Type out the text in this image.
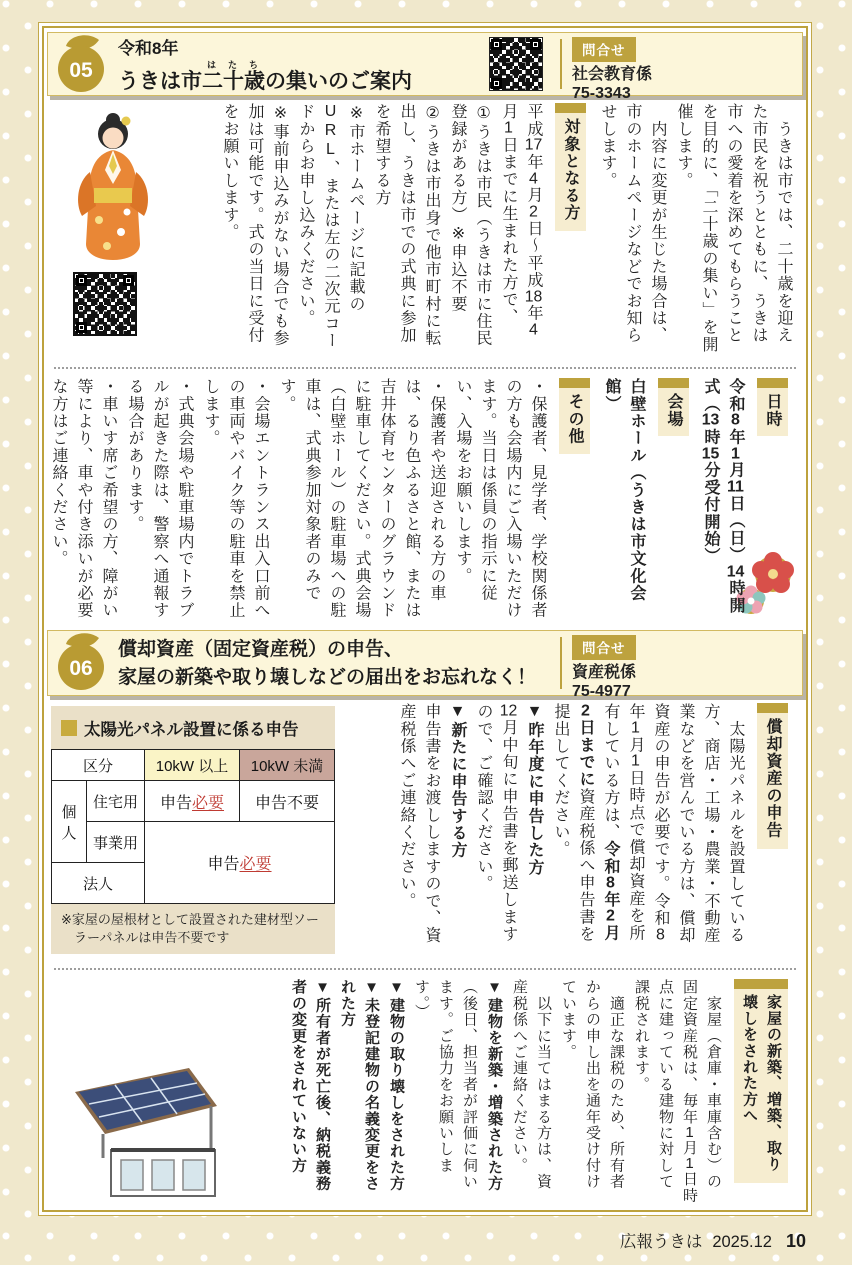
05
令和8年
うきは市二十歳はたちの集いのご案内
問合せ
社会教育係
75-3343

　うきは市では、二十歳を迎えた市民を祝うとともに、うきは市への愛着を深めてもらうことを目的に、「二十歳の集い」を開催します。

　内容に変更が生じた場合は、市のホームページなどでお知らせします。

対象となる方

平成17年4月2日～平成18年4月1日までに生まれた方で、

①うきは市民（うきは市に住民登録がある方）※申込不要

②うきは市出身で他市町村に転出し、うきは市での式典に参加を希望する方

※市ホームページに記載のURL、または左の二次元コードからお申し込みください。

※事前申込みがない場合でも参加は可能です。式の当日に受付をお願いします。

日時

令和8年1月11日（日）14時開式（13時15分受付開始）

会場

白壁ホール（うきは市文化会館）

その他

・保護者、見学者、学校関係者の方も会場内にご入場いただけます。当日は係員の指示に従い、入場をお願いします。

・保護者や送迎される方の車は、るり色ふるさと館、または吉井体育センターのグラウンドに駐車してください。式典会場（白壁ホール）の駐車場への駐車は、式典参加対象者のみです。

・会場エントランス出入口前への車両やバイク等の駐車を禁止します。

・式典会場や駐車場内でトラブルが起きた際は、警察へ通報する場合があります。

・車いす席ご希望の方、障がい等により、車や付き添いが必要な方はご連絡ください。

06
償却資産（固定資産税）の申告、
家屋の新築や取り壊しなどの届出をお忘れなく！
問合せ
資産税係
75-4977
太陽光パネル設置に係る申告
区分		10kW 以上	10kW 未満
個人	住宅用	申告必要	申告不要
	事業用	申告必要	
法人			

※家屋の屋根材として設置された建材型ソーラーパネルは申告不要です

償却資産の申告

　太陽光パネルを設置している方、商店・工場・農業・不動産業などを営んでいる方は、償却資産の申告が必要です。令和8年1月1日時点で償却資産を所有している方は、令和8年2月2日までに資産税係へ申告書を提出してください。

▼昨年度に申告した方

12月中旬に申告書を郵送しますので、ご確認ください。

▼新たに申告する方

申告書をお渡ししますので、資産税係へご連絡ください。

家屋の新築、増築、取り壊しをされた方へ

　家屋（倉庫・車庫含む）の固定資産税は、毎年1月1日時点に建っている建物に対して課税されます。

　適正な課税のため、所有者からの申し出を通年受け付けています。

　以下に当てはまる方は、資産税係へご連絡ください。

▼建物を新築・増築された方

（後日、担当者が評価に伺います。ご協力をお願いします。）

▼建物の取り壊しをされた方

▼未登記建物の名義変更をされた方

▼所有者が死亡後、納税義務者の変更をされていない方

広報うきは 2025.12 10
